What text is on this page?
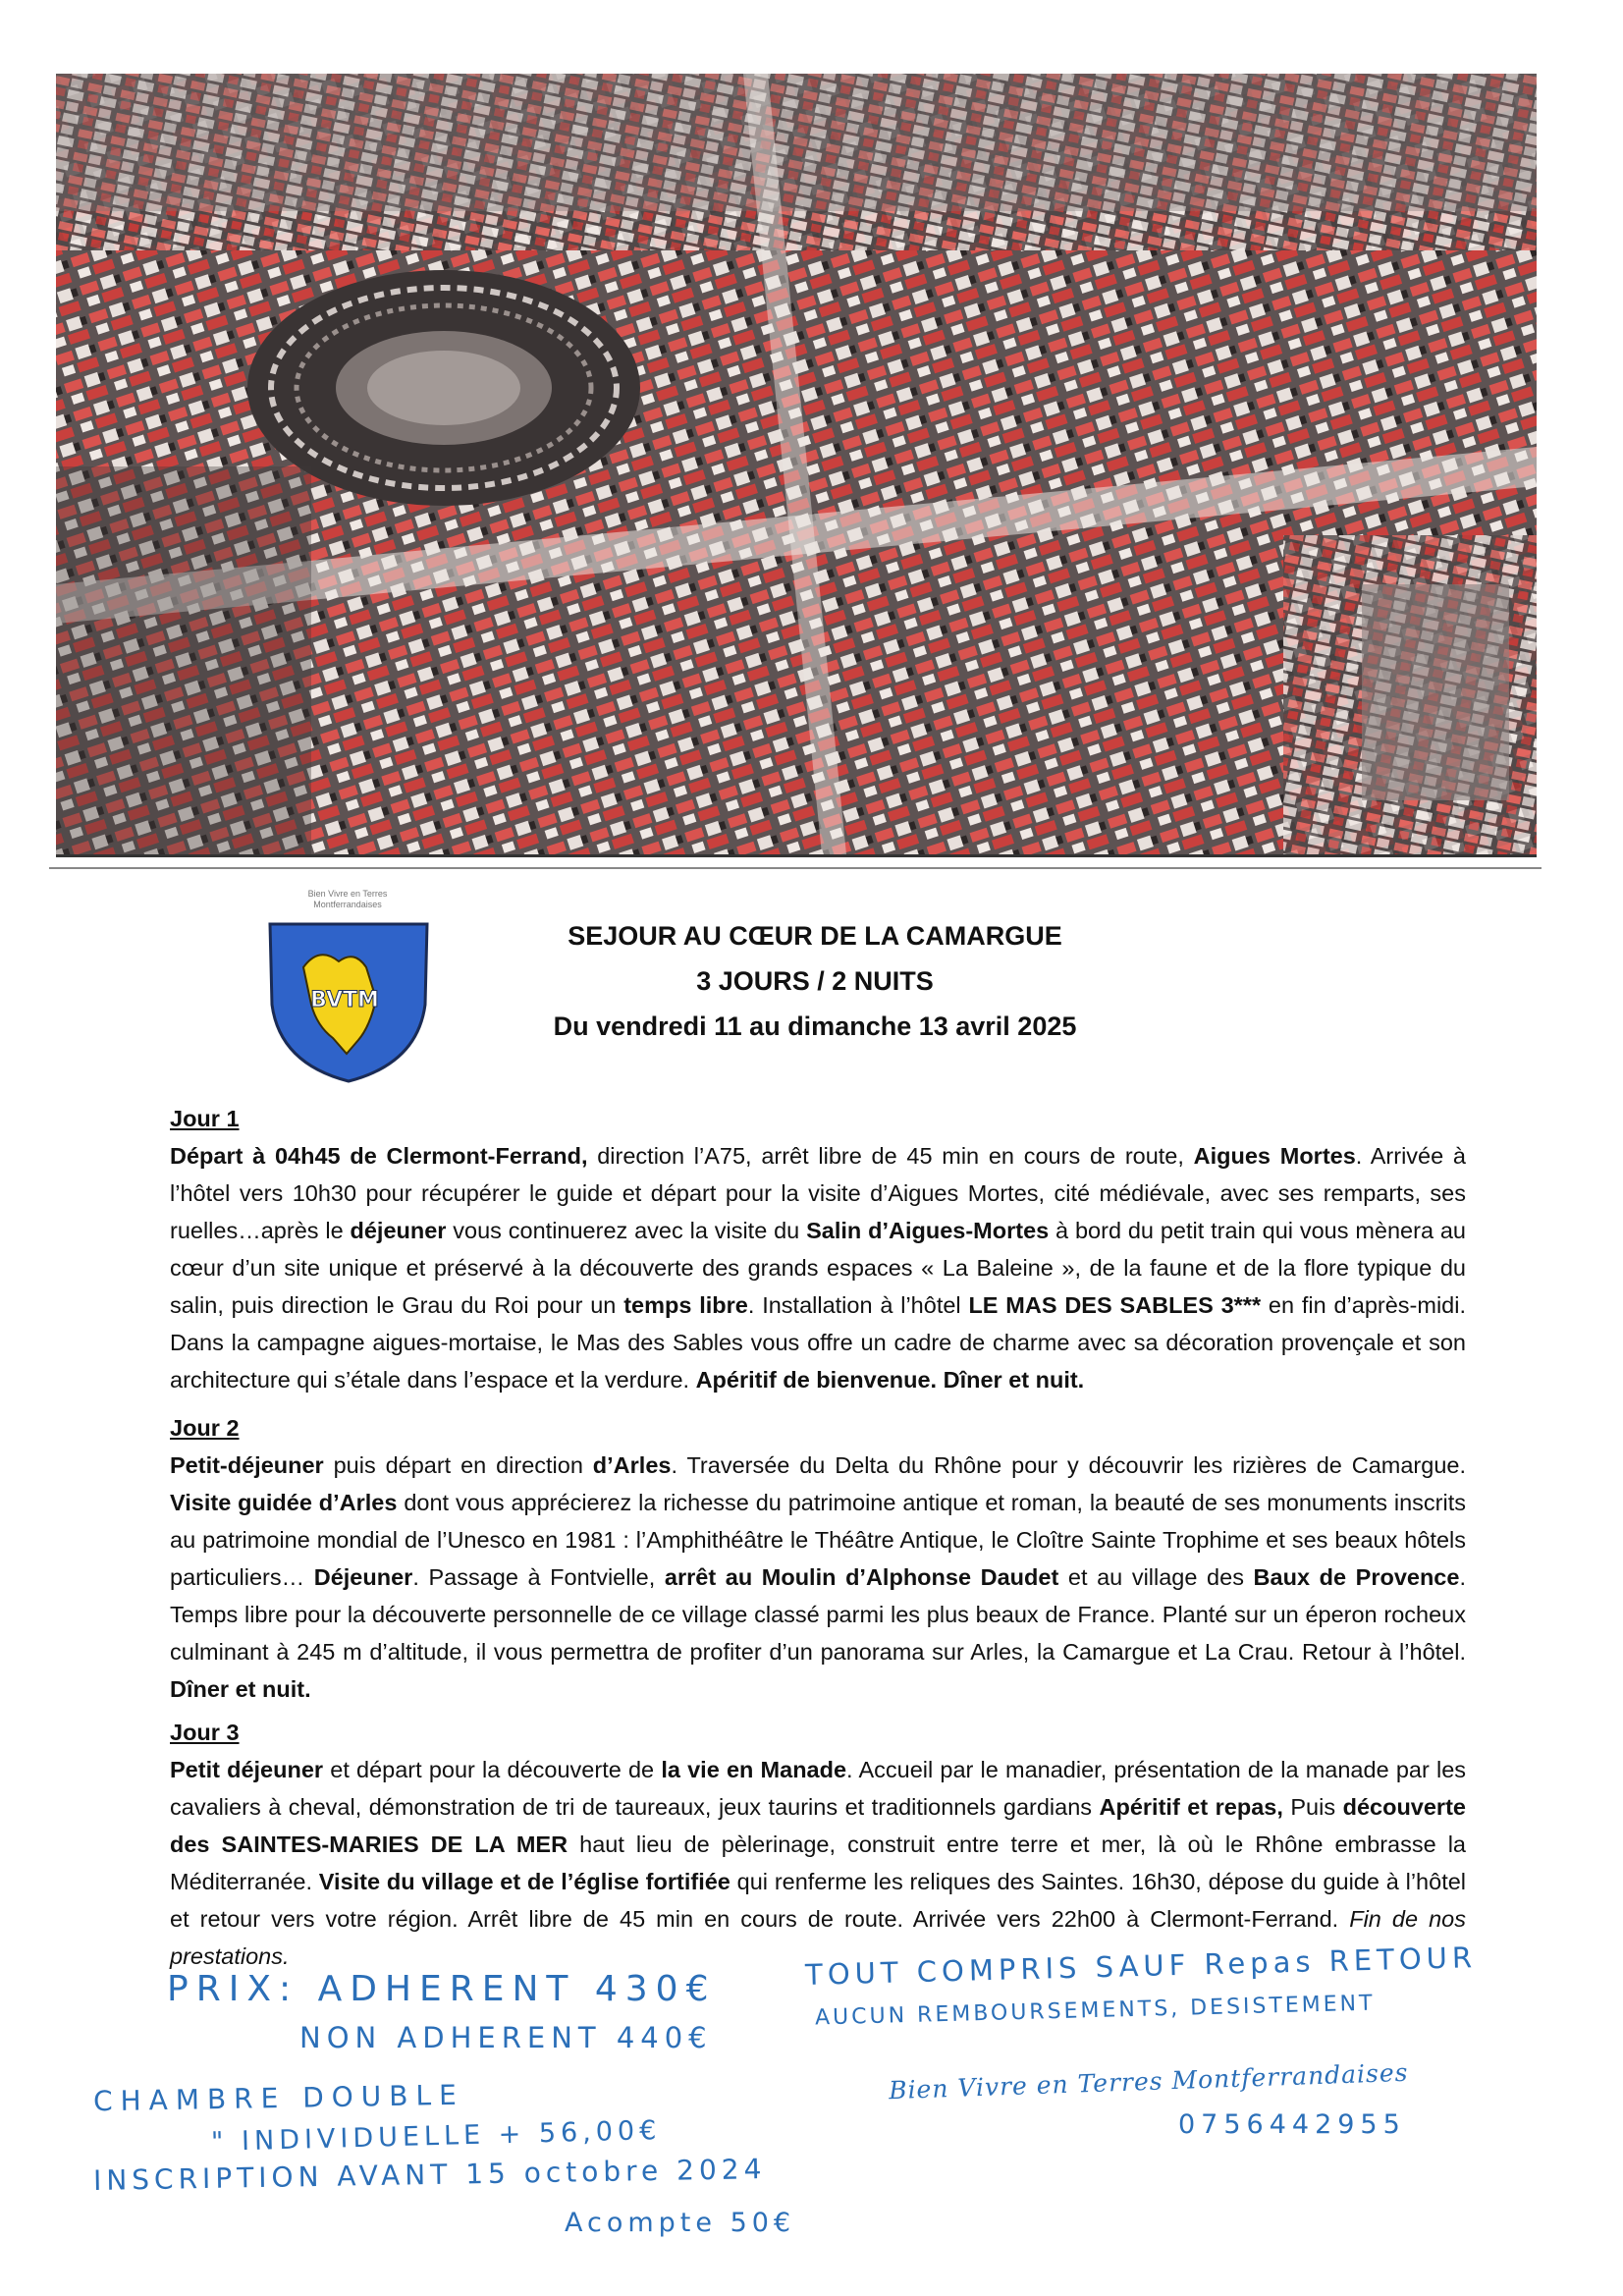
Bien Vivre en Terres
Montferrandaises
BVTM
SEJOUR AU CŒUR DE LA CAMARGUE
3 JOURS / 2 NUITS
Du vendredi 11 au dimanche 13 avril 2025
Jour 1

Départ à 04h45 de Clermont-Ferrand, direction l’A75, arrêt libre de 45 min en cours de route, Aigues Mortes. Arrivée à l’hôtel vers 10h30 pour récupérer le guide et départ pour la visite d’Aigues Mortes, cité médiévale, avec ses remparts, ses ruelles…après le déjeuner vous continuerez avec la visite du Salin d’Aigues-Mortes à bord du petit train qui vous mènera au cœur d’un site unique et préservé à la découverte des grands espaces « La Baleine », de la faune et de la flore typique du salin, puis direction le Grau du Roi pour un temps libre. Installation à l’hôtel LE MAS DES SABLES 3*** en fin d’après-midi. Dans la campagne aigues-mortaise, le Mas des Sables vous offre un cadre de charme avec sa décoration provençale et son architecture qui s’étale dans l’espace et la verdure. Apéritif de bienvenue. Dîner et nuit.

Jour 2

Petit-déjeuner puis départ en direction d’Arles. Traversée du Delta du Rhône pour y découvrir les rizières de Camargue. Visite guidée d’Arles dont vous apprécierez la richesse du patrimoine antique et roman, la beauté de ses monuments inscrits au patrimoine mondial de l’Unesco en 1981 : l’Amphithéâtre le Théâtre Antique, le Cloître Sainte Trophime et ses beaux hôtels particuliers… Déjeuner. Passage à Fontvielle, arrêt au Moulin d’Alphonse Daudet et au village des Baux de Provence. Temps libre pour la découverte personnelle de ce village classé parmi les plus beaux de France. Planté sur un éperon rocheux culminant à 245 m d’altitude, il vous permettra de profiter d’un panorama sur Arles, la Camargue et La Crau. Retour à l’hôtel. Dîner et nuit.

Jour 3

Petit déjeuner et départ pour la découverte de la vie en Manade. Accueil par le manadier, présentation de la manade par les cavaliers à cheval, démonstration de tri de taureaux, jeux taurins et traditionnels gardians Apéritif et repas, Puis découverte des SAINTES-MARIES DE LA MER haut lieu de pèlerinage, construit entre terre et mer, là où le Rhône embrasse la Méditerranée. Visite du village et de l’église fortifiée qui renferme les reliques des Saintes. 16h30, dépose du guide à l’hôtel et retour vers votre région. Arrêt libre de 45 min en cours de route. Arrivée vers 22h00 à Clermont-Ferrand. Fin de nos prestations.

PRIX: ADHERENT 430€	TOUT COMPRIS SAUF Repas RETOUR
NON ADHERENT 440€
AUCUN REMBOURSEMENTS, DESISTEMENT
CHAMBRE DOUBLE
" INDIVIDUELLE + 56,00€
Bien Vivre en Terres Montferrandaises
0756442955
INSCRIPTION AVANT 15 octobre 2024
Acompte 50€
